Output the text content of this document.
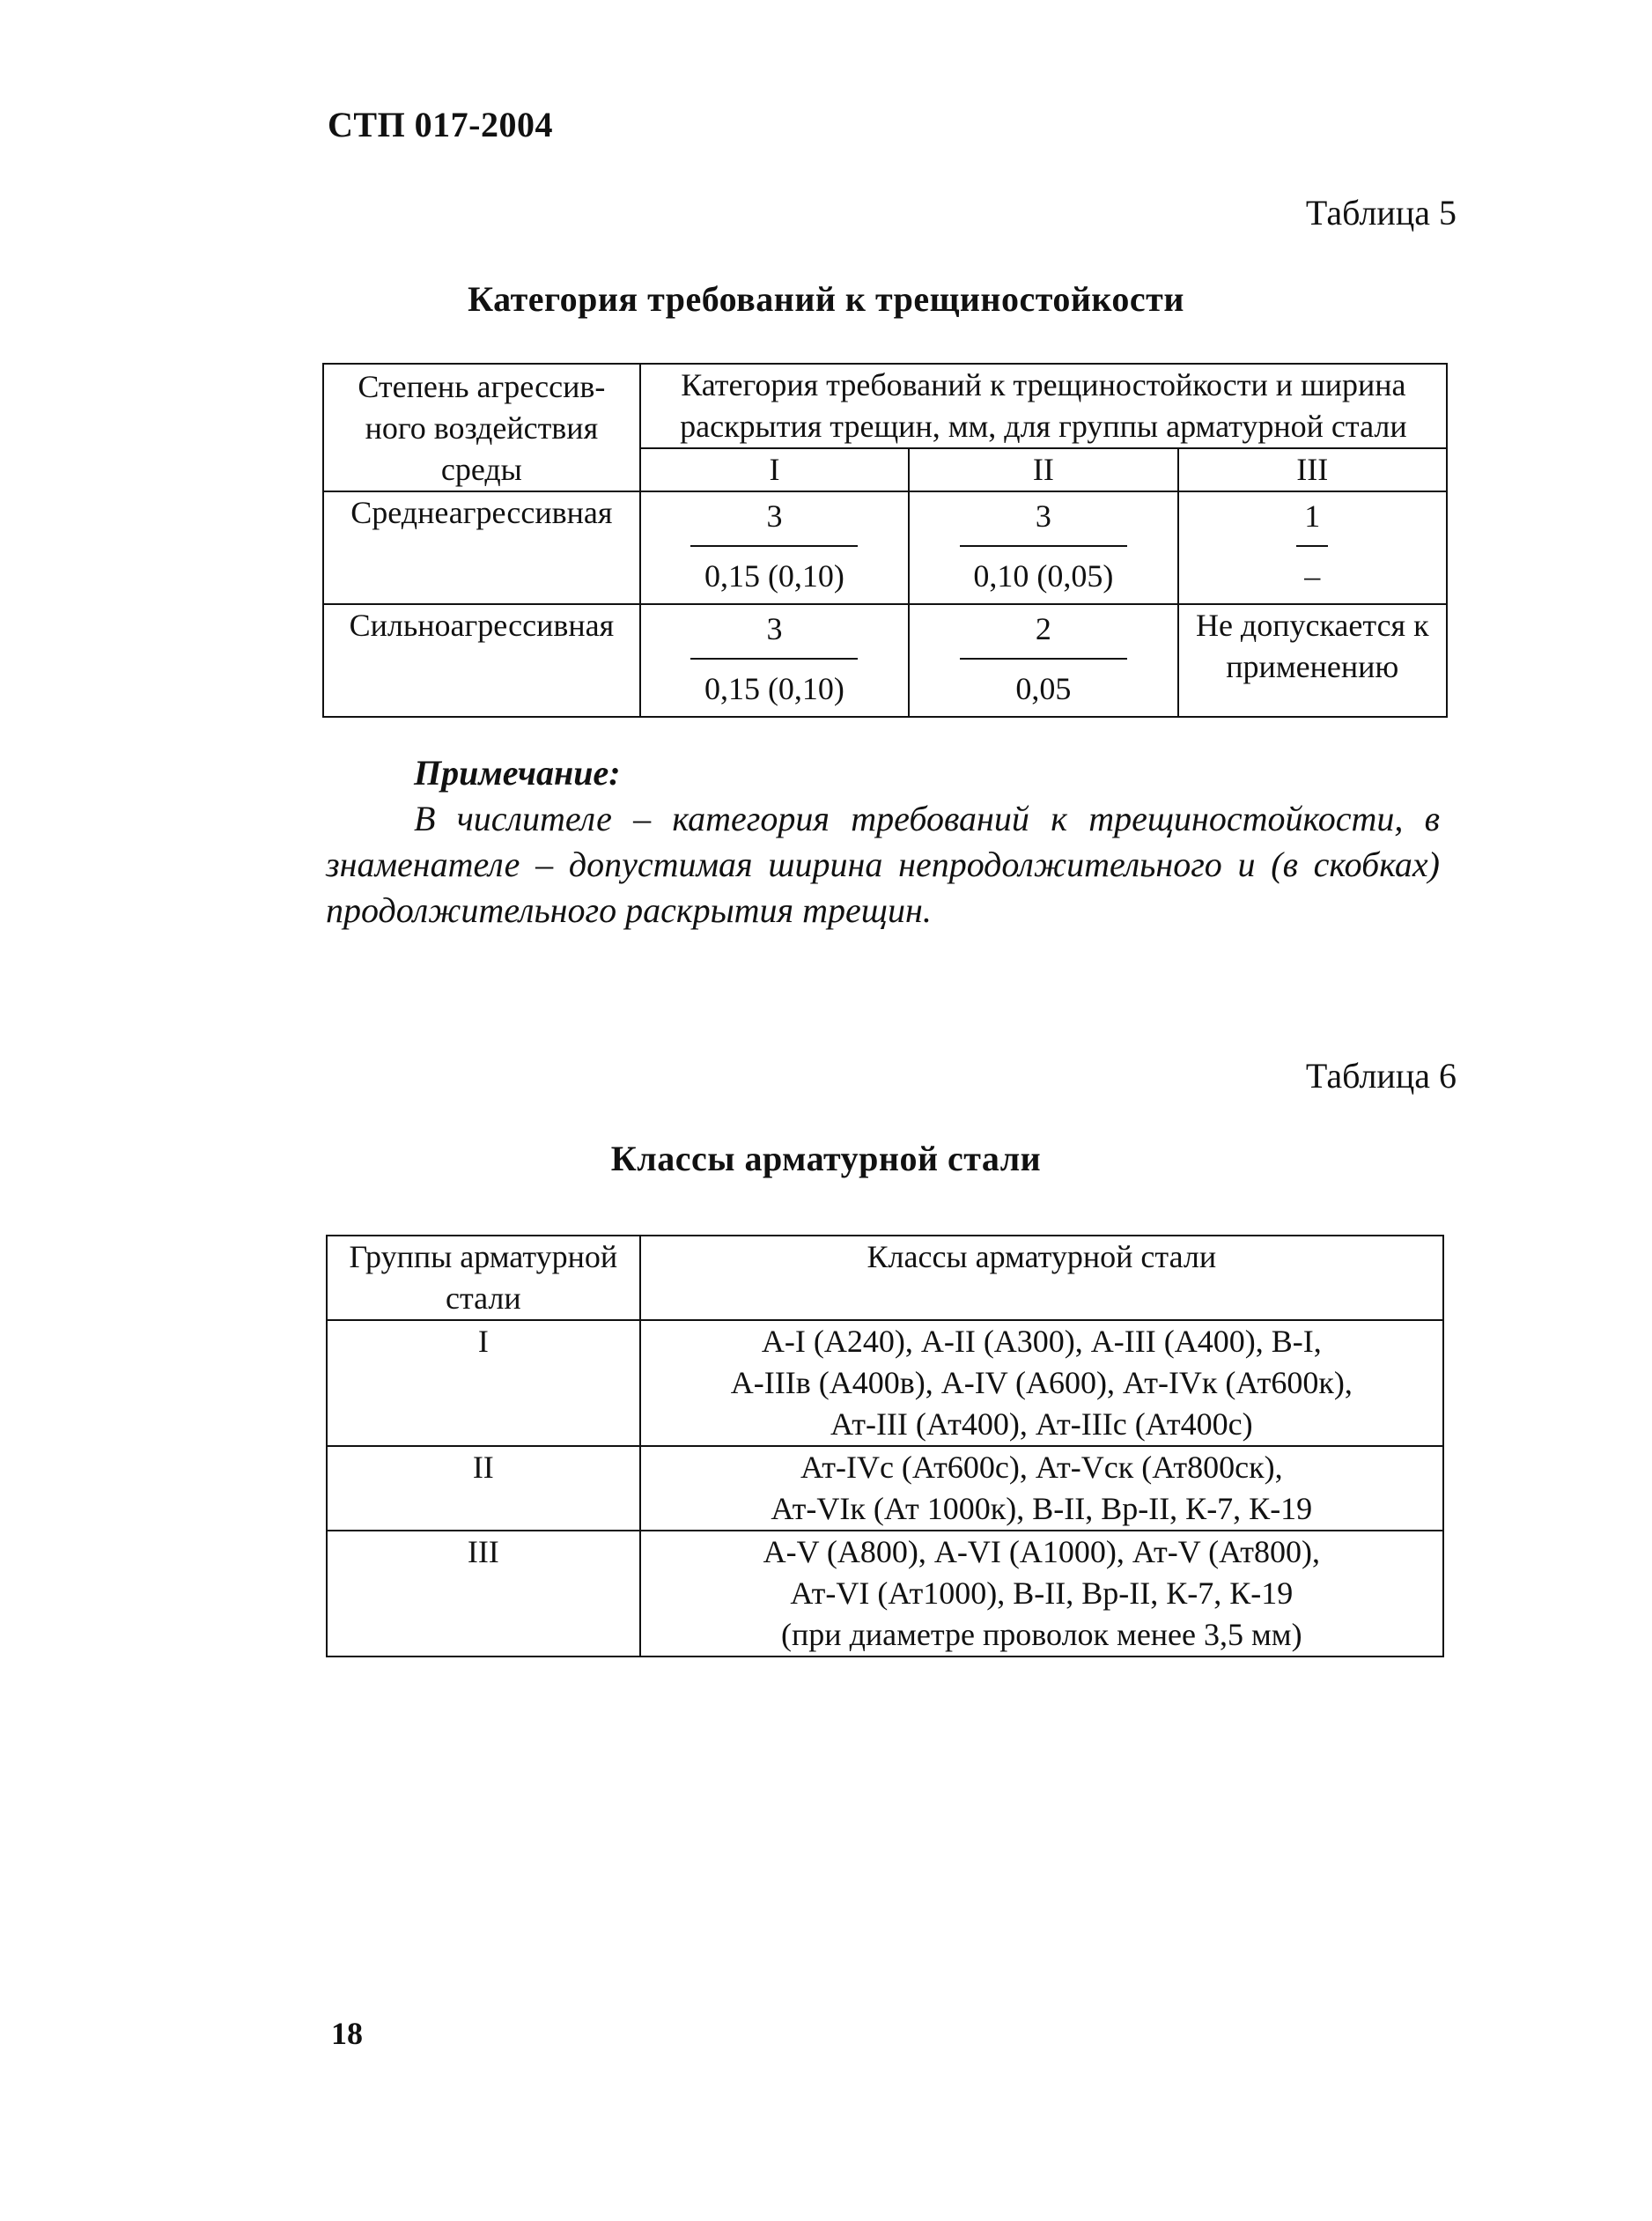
СТП 017-2004
Таблица 5
Категория требований к трещиностойкости
Степень агрессив-ного воздействия среды	Категория требований к трещиностойкости и ширина раскрытия трещин, мм, для группы арматурной стали		
	I	II	III
Среднеагрессивная	$\frac{3}{0,15 (0,10)}$	$\frac{3}{0,10 (0,05)}$	$\frac{1}{-}$

Сильноагрессивная	$\frac{3}{0,15 (0,10)}$	$\frac{2}{0,05}$	Не допускается к применению
Примечание:
В числителе – категория требований к трещиностойкости, в знаменателе – допустимая ширина непродолжительного и (в скобках) продолжительного раскрытия трещин.
Таблица 6
Классы арматурной стали
Группы арматурной стали	Классы арматурной стали
I	А-I (А240), А-II (А300), А-III (А400), В-I,
А-IIIв (А400в), А-IV (А600), Ат-IVк (Ат600к),
Ат-III (Ат400), Ат-IIIс (Ат400с)

II	Ат-IVc (Ат600с), Ат-Vск (Ат800ск),
Ат-VIк (Ат 1000к), В-II, Вр-II, К-7, К-19

III	А-V (А800), А-VI (А1000), Ат-V (Ат800),
Ат-VI (Ат1000), В-II, Вр-II, К-7, К-19
(при диаметре проволок менее 3,5 мм)
18
